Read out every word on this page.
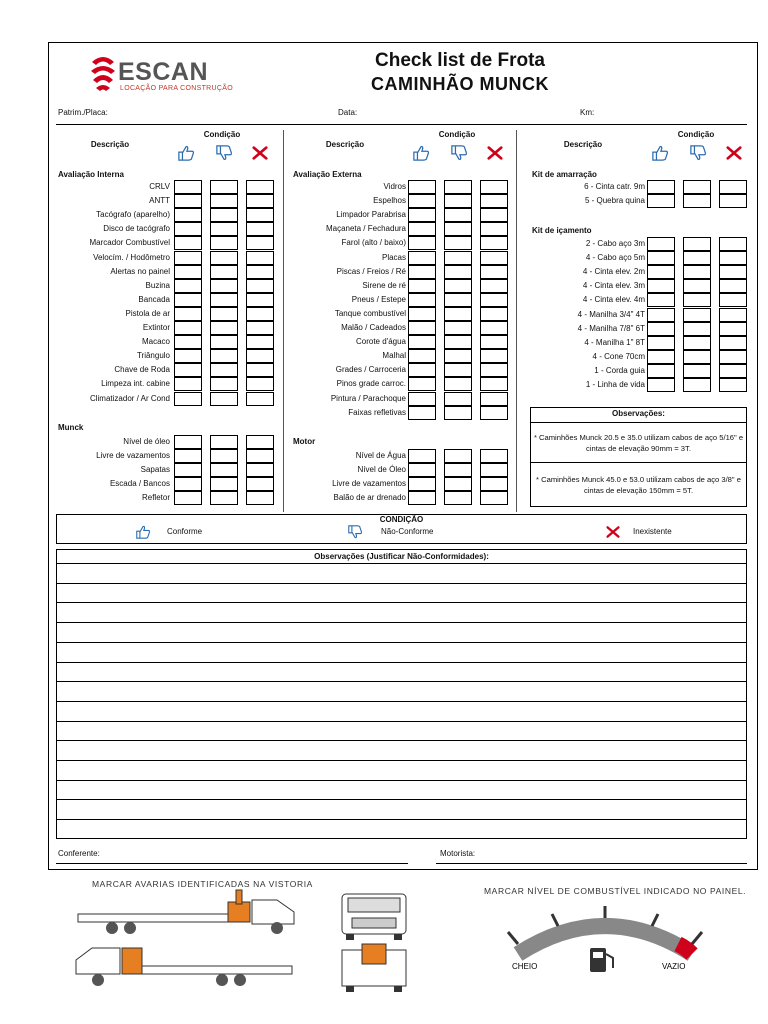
ESCAN
LOCAÇÃO PARA CONSTRUÇÃO
Check list de Frota
CAMINHÃO MUNCK
Patrim./Placa:	Data:	Km:
Descrição
Condição
Descrição
Condição
Descrição
Condição
Avaliação Interna
Munck
Avaliação Externa
Motor
Kit de amarração
Kit de içamento
CRLV
ANTT
Tacógrafo (aparelho)
Disco de tacógrafo
Marcador Combustível
Velocím. / Hodômetro
Alertas no painel
Buzina
Bancada
Pistola de ar
Extintor
Macaco
Triângulo
Chave de Roda
Limpeza int. cabine
Climatizador / Ar Cond
Nível de óleo
Livre de vazamentos
Sapatas
Escada / Bancos
Refletor
Vidros
Espelhos
Limpador Parabrisa
Maçaneta / Fechadura
Farol (alto / baixo)
Placas
Piscas / Freios / Ré
Sirene de ré
Pneus / Estepe
Tanque combustível
Malão / Cadeados
Corote d'água
Malhal
Grades / Carroceria
Pinos grade carroc.
Pintura / Parachoque
Faixas refletivas
Nível de Água
Nível de Óleo
Livre de vazamentos
Balão de ar drenado
6 - Cinta catr. 9m
5 - Quebra quina
2 - Cabo aço 3m
4 - Cabo aço 5m
4 - Cinta elev. 2m
4 - Cinta elev. 3m
4 - Cinta elev. 4m
4 - Manilha 3/4" 4T
4 - Manilha 7/8" 6T
4 - Manilha 1" 8T
4 - Cone 70cm
1 - Corda guia
1 - Linha de vida
Observações:
* Caminhões Munck 20.5 e 35.0 utilizam cabos de aço 5/16" e cintas de elevação 90mm = 3T.
* Caminhões Munck 45.0 e 53.0 utilizam cabos de aço 3/8" e cintas de elevação 150mm = 5T.
CONDIÇÃO
Conforme	Não-Conforme	Inexistente
Observações (Justificar Não-Conformidades):
Conferente:	Motorista:
MARCAR AVARIAS IDENTIFICADAS NA VISTORIA
MARCAR NÍVEL DE COMBUSTÍVEL INDICADO NO PAINEL.
CHEIO	VAZIO
